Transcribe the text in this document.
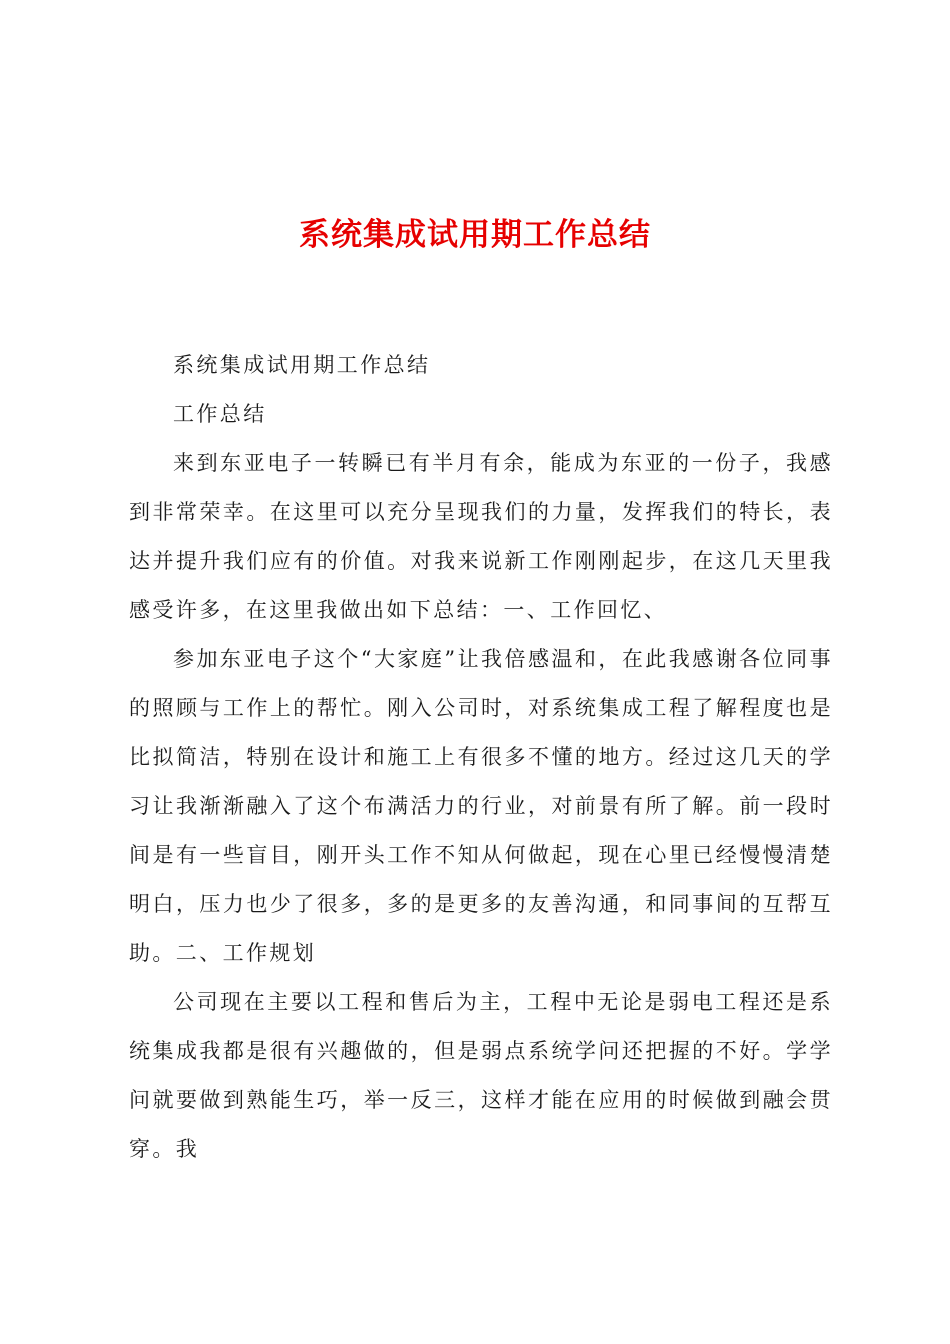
系统集成试用期工作总结

系统集成试用期工作总结

工作总结

来到东亚电子一转瞬已有半月有余，能成为东亚的一份子，我感到非常荣幸。在这里可以充分呈现我们的力量，发挥我们的特长，表达并提升我们应有的价值。对我来说新工作刚刚起步，在这几天里我感受许多，在这里我做出如下总结：一、工作回忆、

参加东亚电子这个“大家庭”让我倍感温和，在此我感谢各位同事的照顾与工作上的帮忙。刚入公司时，对系统集成工程了解程度也是比拟简洁，特别在设计和施工上有很多不懂的地方。经过这几天的学习让我渐渐融入了这个布满活力的行业，对前景有所了解。前一段时间是有一些盲目，刚开头工作不知从何做起，现在心里已经慢慢清楚明白，压力也少了很多，多的是更多的友善沟通，和同事间的互帮互助。二、工作规划

公司现在主要以工程和售后为主，工程中无论是弱电工程还是系统集成我都是很有兴趣做的，但是弱点系统学问还把握的不好。学学问就要做到熟能生巧，举一反三，这样才能在应用的时候做到融会贯穿。我
